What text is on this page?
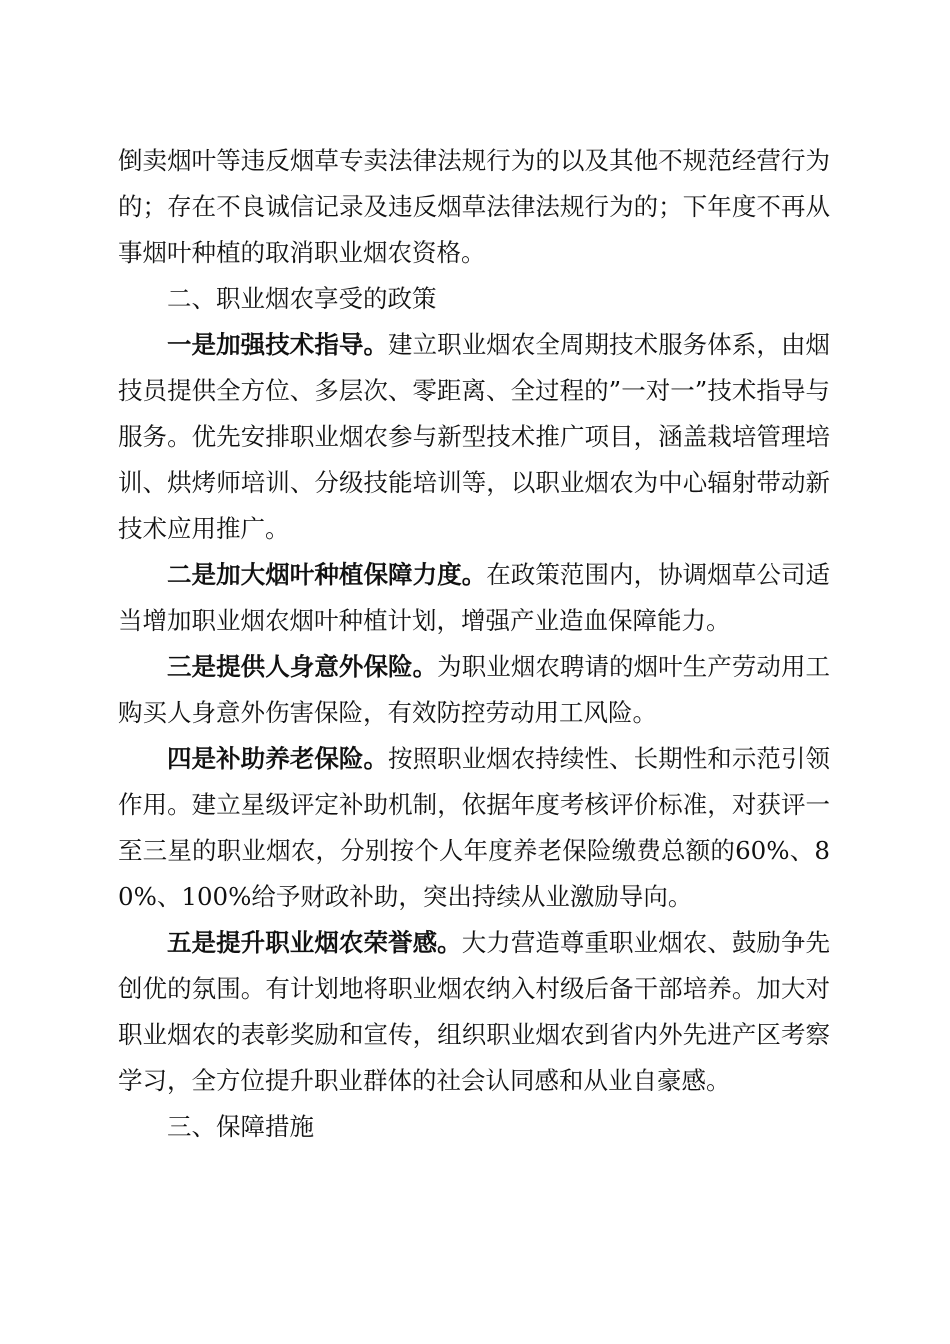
倒卖烟叶等违反烟草专卖法律法规行为的以及其他不规范经营行为的；存在不良诚信记录及违反烟草法律法规行为的；下年度不再从事烟叶种植的取消职业烟农资格。

二、职业烟农享受的政策

一是加强技术指导。建立职业烟农全周期技术服务体系，由烟技员提供全方位、多层次、零距离、全过程的”一对一”技术指导与服务。优先安排职业烟农参与新型技术推广项目，涵盖栽培管理培训、烘烤师培训、分级技能培训等，以职业烟农为中心辐射带动新技术应用推广。

二是加大烟叶种植保障力度。在政策范围内，协调烟草公司适当增加职业烟农烟叶种植计划，增强产业造血保障能力。

三是提供人身意外保险。为职业烟农聘请的烟叶生产劳动用工购买人身意外伤害保险，有效防控劳动用工风险。

四是补助养老保险。按照职业烟农持续性、长期性和示范引领作用。建立星级评定补助机制，依据年度考核评价标准，对获评一至三星的职业烟农，分别按个人年度养老保险缴费总额的60%、80%、100%给予财政补助，突出持续从业激励导向。

五是提升职业烟农荣誉感。大力营造尊重职业烟农、鼓励争先创优的氛围。有计划地将职业烟农纳入村级后备干部培养。加大对职业烟农的表彰奖励和宣传，组织职业烟农到省内外先进产区考察学习，全方位提升职业群体的社会认同感和从业自豪感。

三、保障措施
